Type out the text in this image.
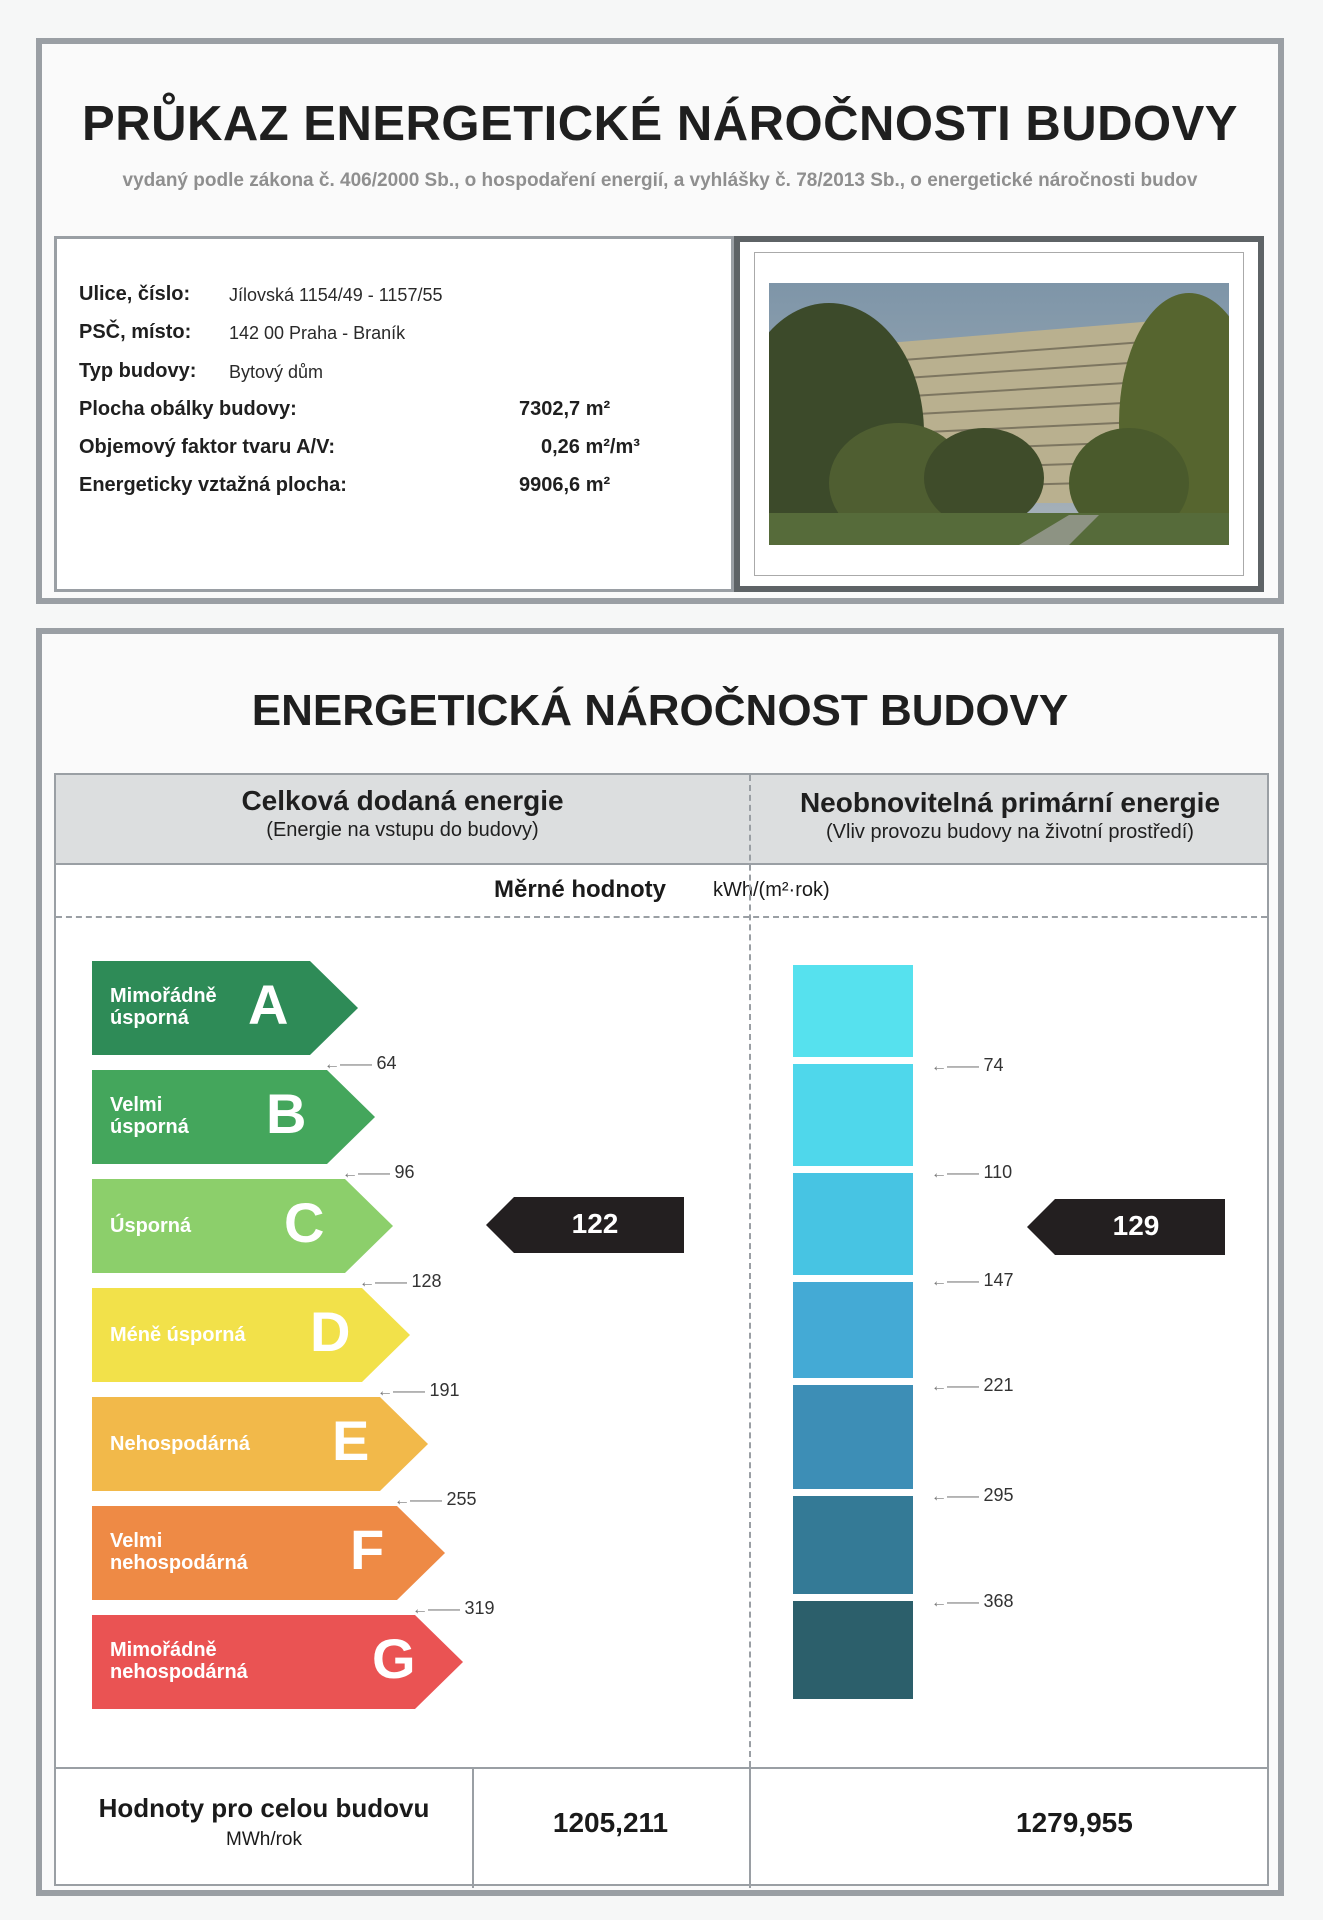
PRŮKAZ ENERGETICKÉ NÁROČNOSTI BUDOVY
vydaný podle zákona č. 406/2000 Sb., o hospodaření energií, a vyhlášky č. 78/2013 Sb., o energetické náročnosti budov
Ulice, číslo: Jílovská 1154/49 - 1157/55
PSČ, místo: 142 00 Praha - Braník
Typ budovy: Bytový dům
Plocha obálky budovy:	7302,7 m²
Objemový faktor tvaru A/V:	0,26 m²/m³
Energeticky vztažná plocha:	9906,6 m²
ENERGETICKÁ NÁROČNOST BUDOVY
Celková dodaná energie
(Energie na vstupu do budovy)
Neobnovitelná primární energie
(Vliv provozu budovy na životní prostředí)
Měrné hodnoty kWh/(m²·rok)
Mimořádně
úsporná	A
Velmi
úsporná	B
Úsporná	C
Méně úsporná	D
Nehospodárná	E
Velmi
nehospodárná	F
Mimořádně
nehospodárná	G
←—— 64
←—— 96
←—— 128
←—— 191
←—— 255
←—— 319
122
←—— 74
←—— 110
←—— 147
←—— 221
←—— 295
←—— 368
129
Hodnoty pro celou budovu
MWh/rok
1205,211	1279,955
